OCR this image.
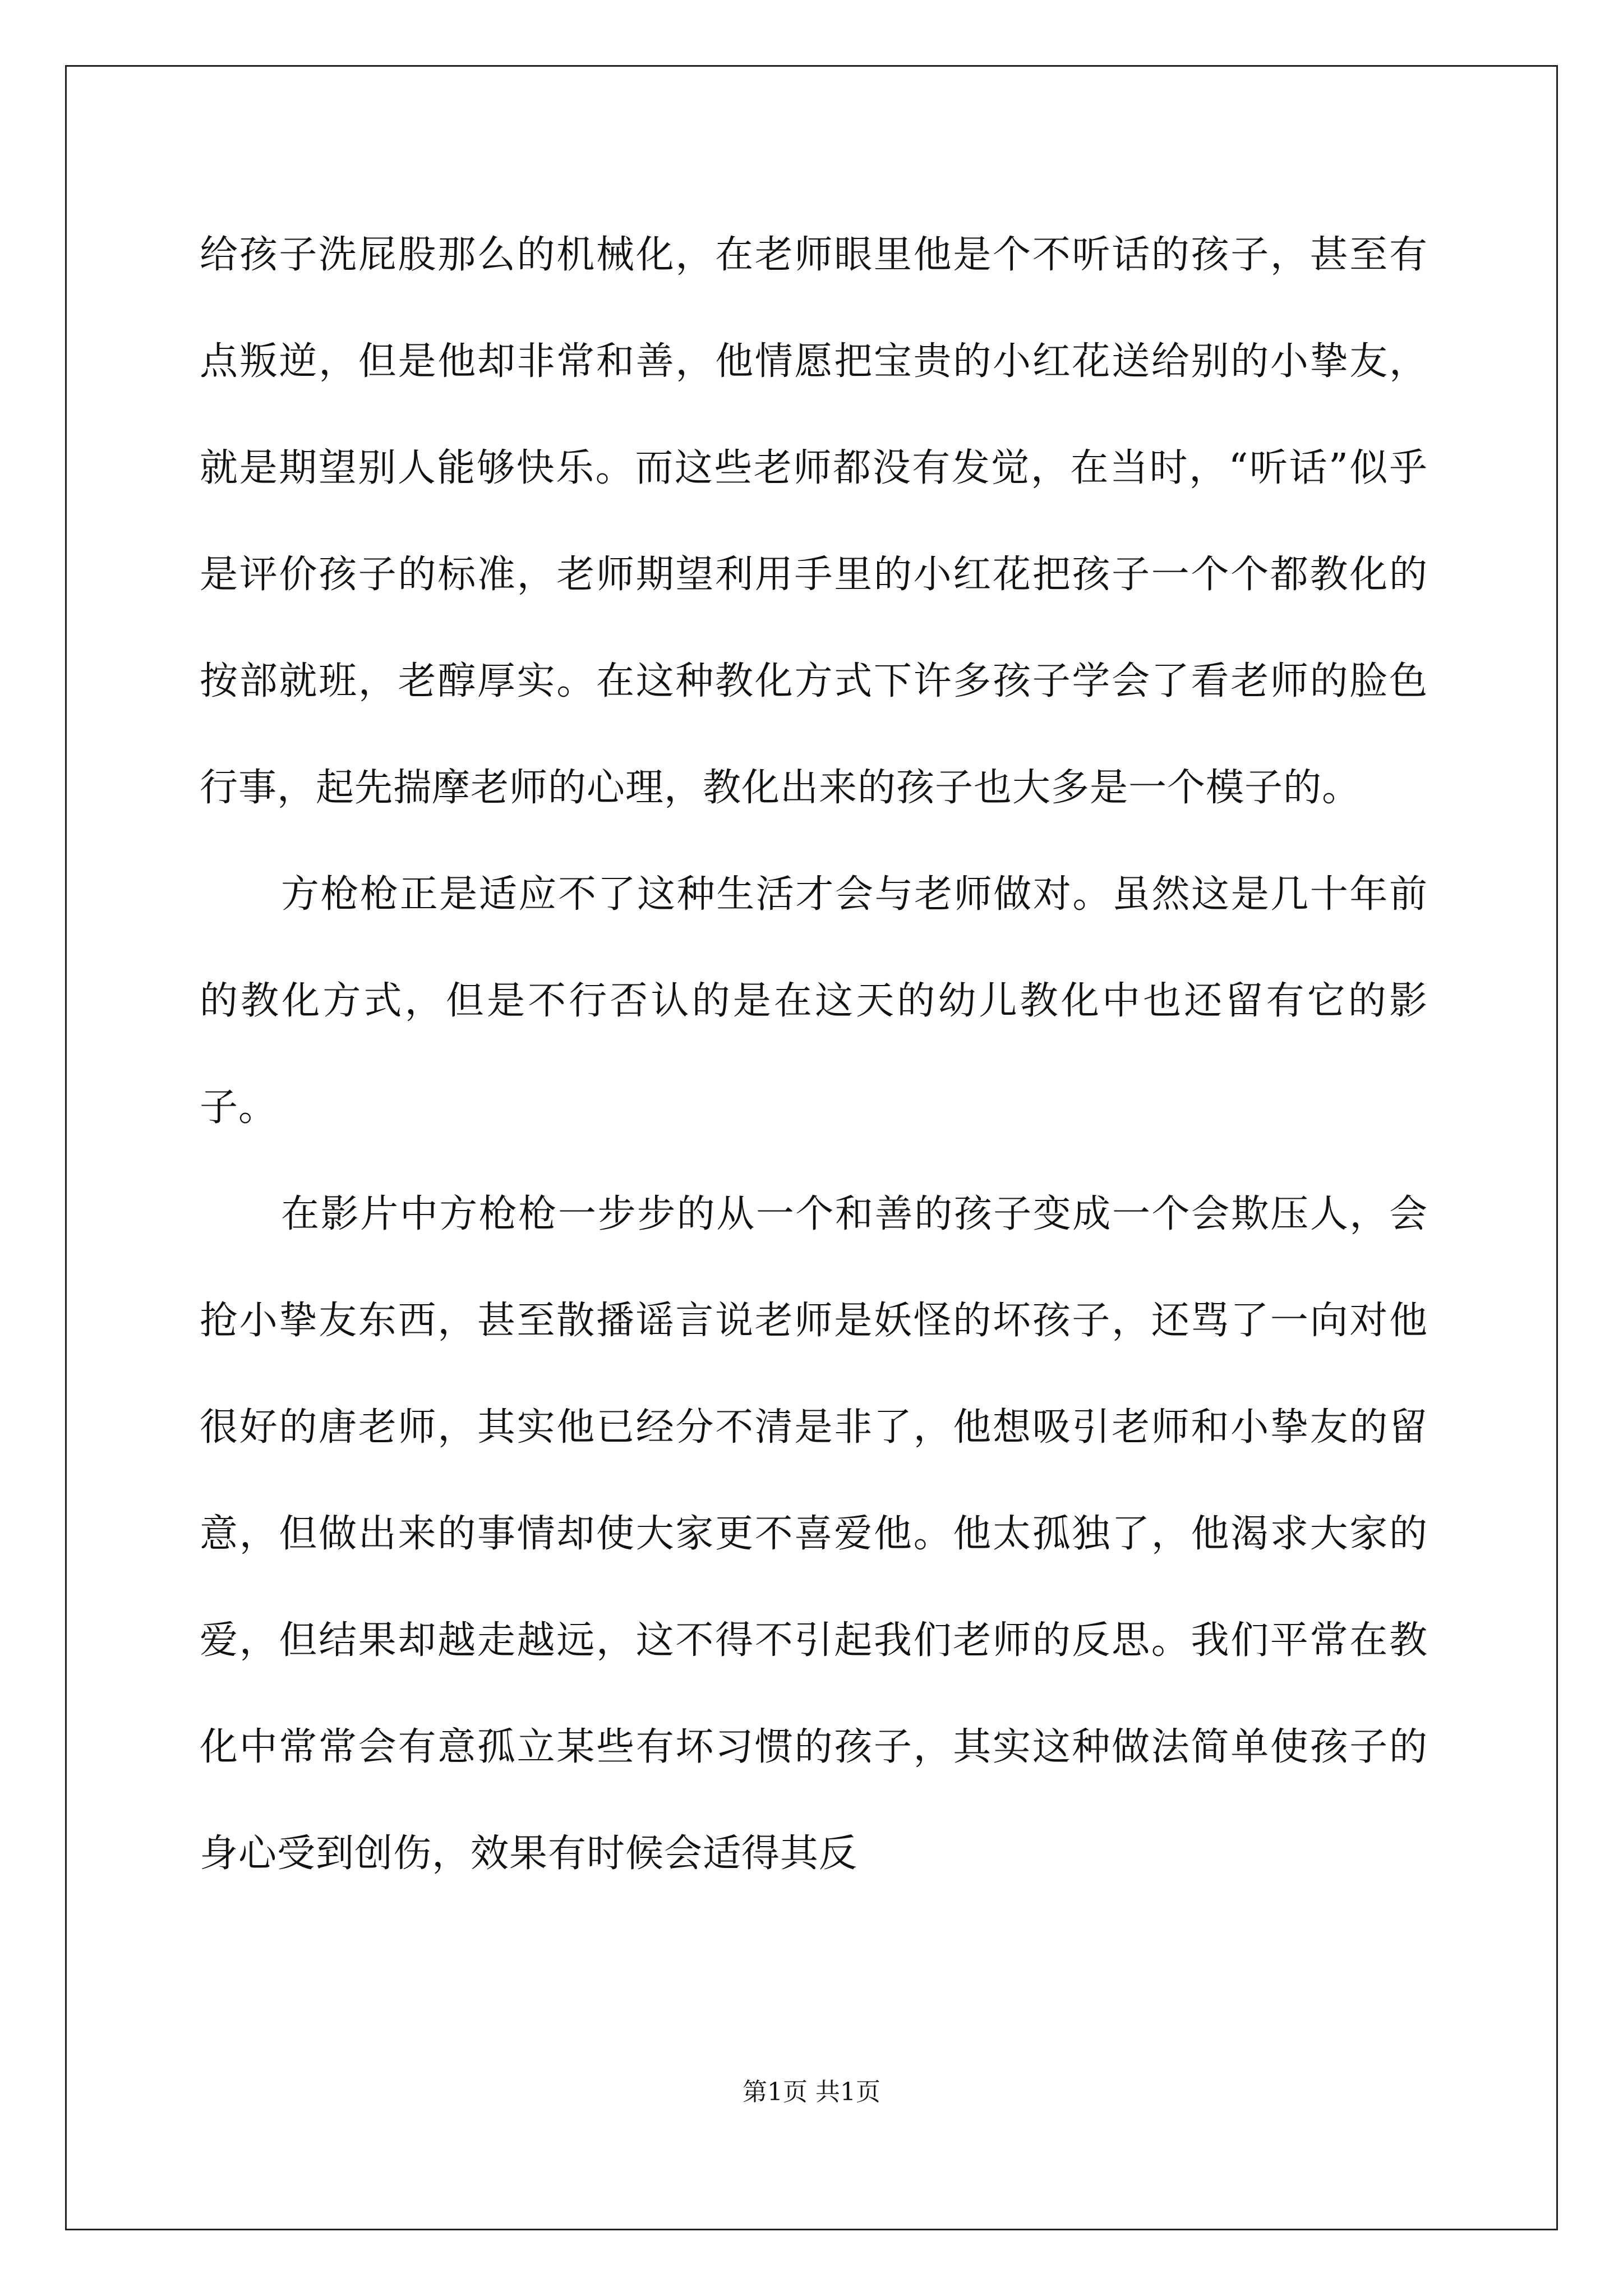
给孩子洗屁股那么的机械化，在老师眼里他是个不听话的孩子，甚至有点叛逆，但是他却非常和善，他情愿把宝贵的小红花送给别的小挚友，就是期望别人能够快乐。而这些老师都没有发觉，在当时，“听话”似乎是评价孩子的标准，老师期望利用手里的小红花把孩子一个个都教化的按部就班，老醇厚实。在这种教化方式下许多孩子学会了看老师的脸色行事，起先揣摩老师的心理，教化出来的孩子也大多是一个模子的。

方枪枪正是适应不了这种生活才会与老师做对。虽然这是几十年前的教化方式，但是不行否认的是在这天的幼儿教化中也还留有它的影子。

在影片中方枪枪一步步的从一个和善的孩子变成一个会欺压人，会抢小挚友东西，甚至散播谣言说老师是妖怪的坏孩子，还骂了一向对他很好的唐老师，其实他已经分不清是非了，他想吸引老师和小挚友的留意，但做出来的事情却使大家更不喜爱他。他太孤独了，他渴求大家的爱，但结果却越走越远，这不得不引起我们老师的反思。我们平常在教化中常常会有意孤立某些有坏习惯的孩子，其实这种做法简单使孩子的身心受到创伤，效果有时候会适得其反

第1页 共1页
